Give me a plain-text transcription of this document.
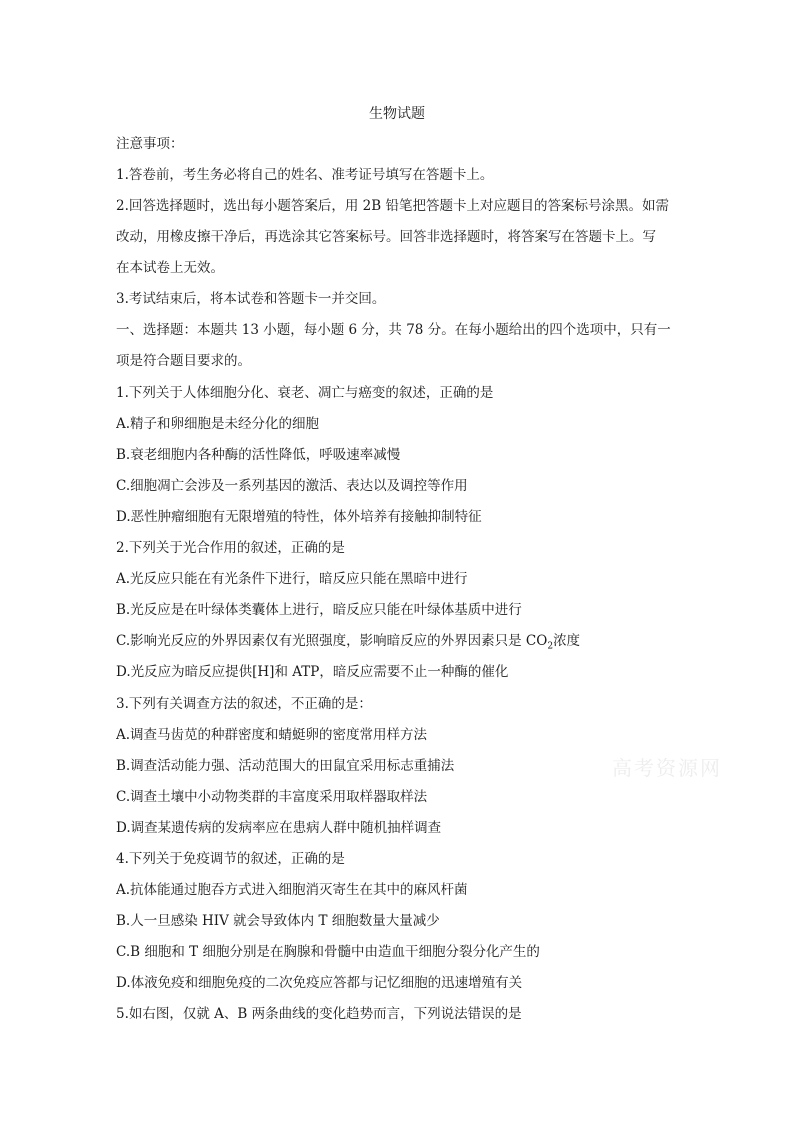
生物试题
注意事项：
1.答卷前，考生务必将自己的姓名、准考证号填写在答题卡上。
2.回答选择题时，选出每小题答案后，用 2B 铅笔把答题卡上对应题目的答案标号涂黑。如需
改动，用橡皮擦干净后，再选涂其它答案标号。回答非选择题时，将答案写在答题卡上。写
在本试卷上无效。
3.考试结束后，将本试卷和答题卡一并交回。
一、选择题：本题共 13 小题，每小题 6 分，共 78 分。在每小题给出的四个选项中，只有一
项是符合题目要求的。
1.下列关于人体细胞分化、衰老、凋亡与癌变的叙述，正确的是
A.精子和卵细胞是未经分化的细胞
B.衰老细胞内各种酶的活性降低，呼吸速率减慢
C.细胞凋亡会涉及一系列基因的激活、表达以及调控等作用
D.恶性肿瘤细胞有无限增殖的特性，体外培养有接触抑制特征
2.下列关于光合作用的叙述，正确的是
A.光反应只能在有光条件下进行，暗反应只能在黑暗中进行
B.光反应是在叶绿体类囊体上进行，暗反应只能在叶绿体基质中进行
C.影响光反应的外界因素仅有光照强度，影响暗反应的外界因素只是 $CO_2$浓度
D.光反应为暗反应提供[H]和 ATP，暗反应需要不止一种酶的催化
3.下列有关调查方法的叙述，不正确的是：
A.调查马齿苋的种群密度和蜻蜓卵的密度常用样方法
B.调查活动能力强、活动范围大的田鼠宜采用标志重捕法
C.调查土壤中小动物类群的丰富度采用取样器取样法
D.调查某遗传病的发病率应在患病人群中随机抽样调查
4.下列关于免疫调节的叙述，正确的是
A.抗体能通过胞吞方式进入细胞消灭寄生在其中的麻风杆菌
B.人一旦感染 HIV 就会导致体内 T 细胞数量大量减少
C.B 细胞和 T 细胞分别是在胸腺和骨髓中由造血干细胞分裂分化产生的
D.体液免疫和细胞免疫的二次免疫应答都与记忆细胞的迅速增殖有关
5.如右图，仅就 A、B 两条曲线的变化趋势而言，下列说法错误的是
高考资源网
